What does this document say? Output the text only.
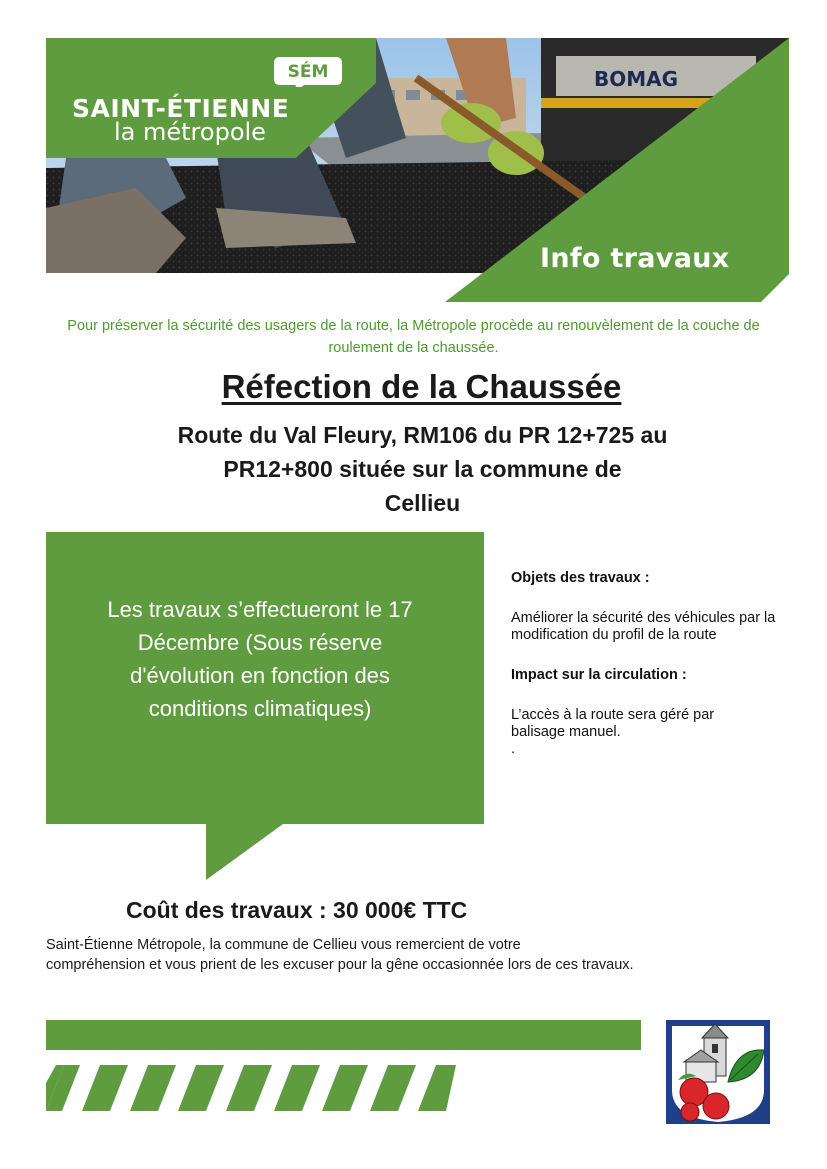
BOMAG
SÉM
SAINT-ÉTIENNE
la métropole
Info travaux
Pour préserver la sécurité des usagers de la route, la Métropole procède au renouvèlement de la couche de roulement de la chaussée.
Réfection de la Chaussée
Route du Val Fleury, RM106 du PR 12+725 au
PR12+800 située sur la commune de
Cellieu
Les travaux s’effectueront le 17
Décembre (Sous réserve
d'évolution en fonction des
conditions climatiques)

Objets des travaux :

Améliorer la sécurité des véhicules par la modification du profil de la route

Impact sur la circulation :

L’accès à la route sera géré par balisage manuel.

.

Coût des travaux : 30 000€ TTC
Saint-Étienne Métropole, la commune de Cellieu vous remercient de votre
compréhension et vous prient de les excuser pour la gêne occasionnée lors de ces travaux.
